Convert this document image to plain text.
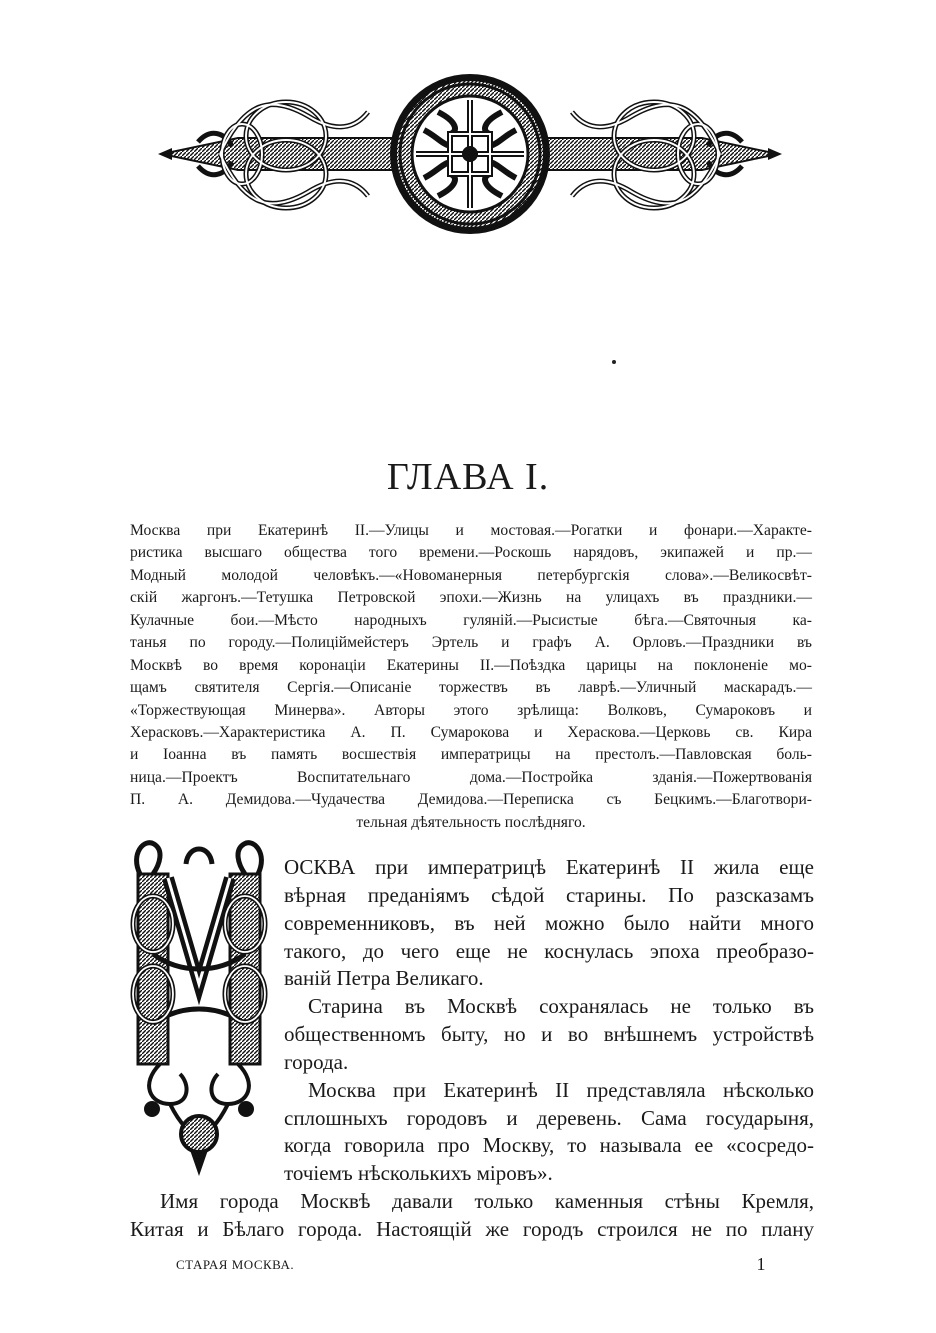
ГЛАВА I.
Москва при Екатеринѣ II.—Улицы и мостовая.—Рогатки и фонари.—Характе-
ристика высшаго общества того времени.—Роскошь нарядовъ, экипажей и пр.—
Модный молодой человѣкъ.—«Новоманерныя петербургскія слова».—Великосвѣт-
скій жаргонъ.—Тетушка Петровской эпохи.—Жизнь на улицахъ въ праздники.—
Кулачные бои.—Мѣсто народныхъ гуляній.—Рысистые бѣга.—Святочныя ка-
танья по городу.—Полиціймейстеръ Эртель и графъ А. Орловъ.—Праздники въ
Москвѣ во время коронаціи Екатерины II.—Поѣздка царицы на поклоненіе мо-
щамъ святителя Сергія.—Описаніе торжествъ въ лаврѣ.—Уличный маскарадъ.—
«Торжествующая Минерва». Авторы этого зрѣлища: Волковъ, Сумароковъ и
Херасковъ.—Характеристика А. П. Сумарокова и Хераскова.—Церковь св. Кира
и Іоанна въ память восшествія императрицы на престолъ.—Павловская боль-
ница.—Проектъ Воспитательнаго дома.—Постройка зданія.—Пожертвованія
П. А. Демидова.—Чудачества Демидова.—Переписка съ Бецкимъ.—Благотвори-
тельная дѣятельность послѣдняго.
ОСКВА при императрицѣ Екатеринѣ II жила еще
вѣрная преданіямъ сѣдой старины. По разсказамъ
современниковъ, въ ней можно было найти много
такого, до чего еще не коснулась эпоха преобразо-
ваній Петра Великаго.
Старина въ Москвѣ сохранялась не только въ
общественномъ быту, но и во внѣшнемъ устройствѣ
города.
Москва при Екатеринѣ II представляла нѣсколько
сплошныхъ городовъ и деревень. Сама государыня,
когда говорила про Москву, то называла ее «сосредо-
точіемъ нѣсколькихъ міровъ».
Имя города Москвѣ давали только каменныя стѣны Кремля,
Китая и Бѣлаго города. Настоящій же городъ строился не по плану
СТАРАЯ МОСКВА.	1
